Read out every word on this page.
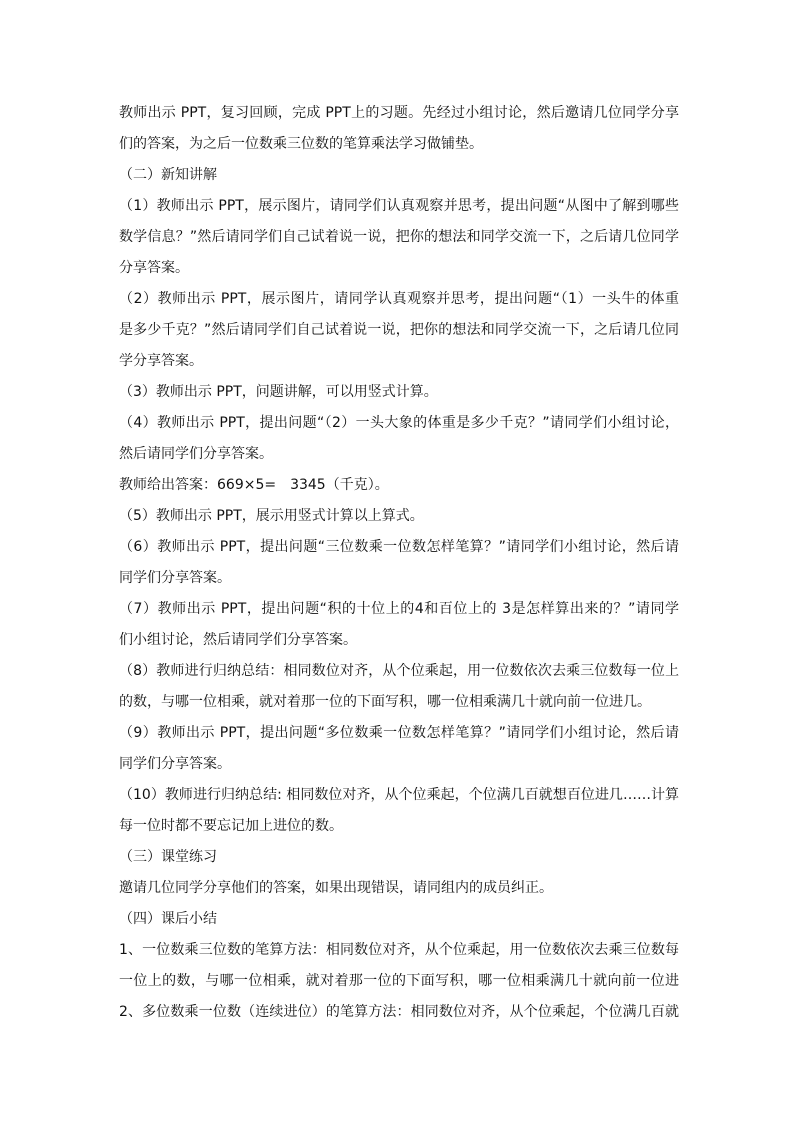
教师出示 PPT，复习回顾，完成 PPT上的习题。先经过小组讨论，然后邀请几位同学分享
们的答案，为之后一位数乘三位数的笔算乘法学习做铺垫。
（二）新知讲解
（1）教师出示 PPT，展示图片，请同学们认真观察并思考，提出问题“从图中了解到哪些
数学信息？”然后请同学们自己试着说一说，把你的想法和同学交流一下，之后请几位同学
分享答案。
（2）教师出示 PPT，展示图片，请同学认真观察并思考，提出问题“（1）一头牛的体重
是多少千克？”然后请同学们自己试着说一说，把你的想法和同学交流一下，之后请几位同
学分享答案。
（3）教师出示 PPT，问题讲解，可以用竖式计算。
（4）教师出示 PPT，提出问题“（2）一头大象的体重是多少千克？”请同学们小组讨论，
然后请同学们分享答案。
教师给出答案：669×5=　3345（千克）。
（5）教师出示 PPT，展示用竖式计算以上算式。
（6）教师出示 PPT，提出问题“三位数乘一位数怎样笔算？”请同学们小组讨论，然后请
同学们分享答案。
（7）教师出示 PPT，提出问题“积的十位上的4和百位上的 3是怎样算出来的？”请同学
们小组讨论，然后请同学们分享答案。
（8）教师进行归纳总结：相同数位对齐，从个位乘起，用一位数依次去乘三位数每一位上
的数，与哪一位相乘，就对着那一位的下面写积，哪一位相乘满几十就向前一位进几。
（9）教师出示 PPT，提出问题“多位数乘一位数怎样笔算？”请同学们小组讨论，然后请
同学们分享答案。
（10）教师进行归纳总结: 相同数位对齐，从个位乘起，个位满几百就想百位进几……计算
每一位时都不要忘记加上进位的数。
（三）课堂练习
邀请几位同学分享他们的答案，如果出现错误，请同组内的成员纠正。
（四）课后小结
1、一位数乘三位数的笔算方法：相同数位对齐，从个位乘起，用一位数依次去乘三位数每
一位上的数，与哪一位相乘，就对着那一位的下面写积，哪一位相乘满几十就向前一位进
2、多位数乘一位数（连续进位）的笔算方法：相同数位对齐，从个位乘起，个位满几百就
